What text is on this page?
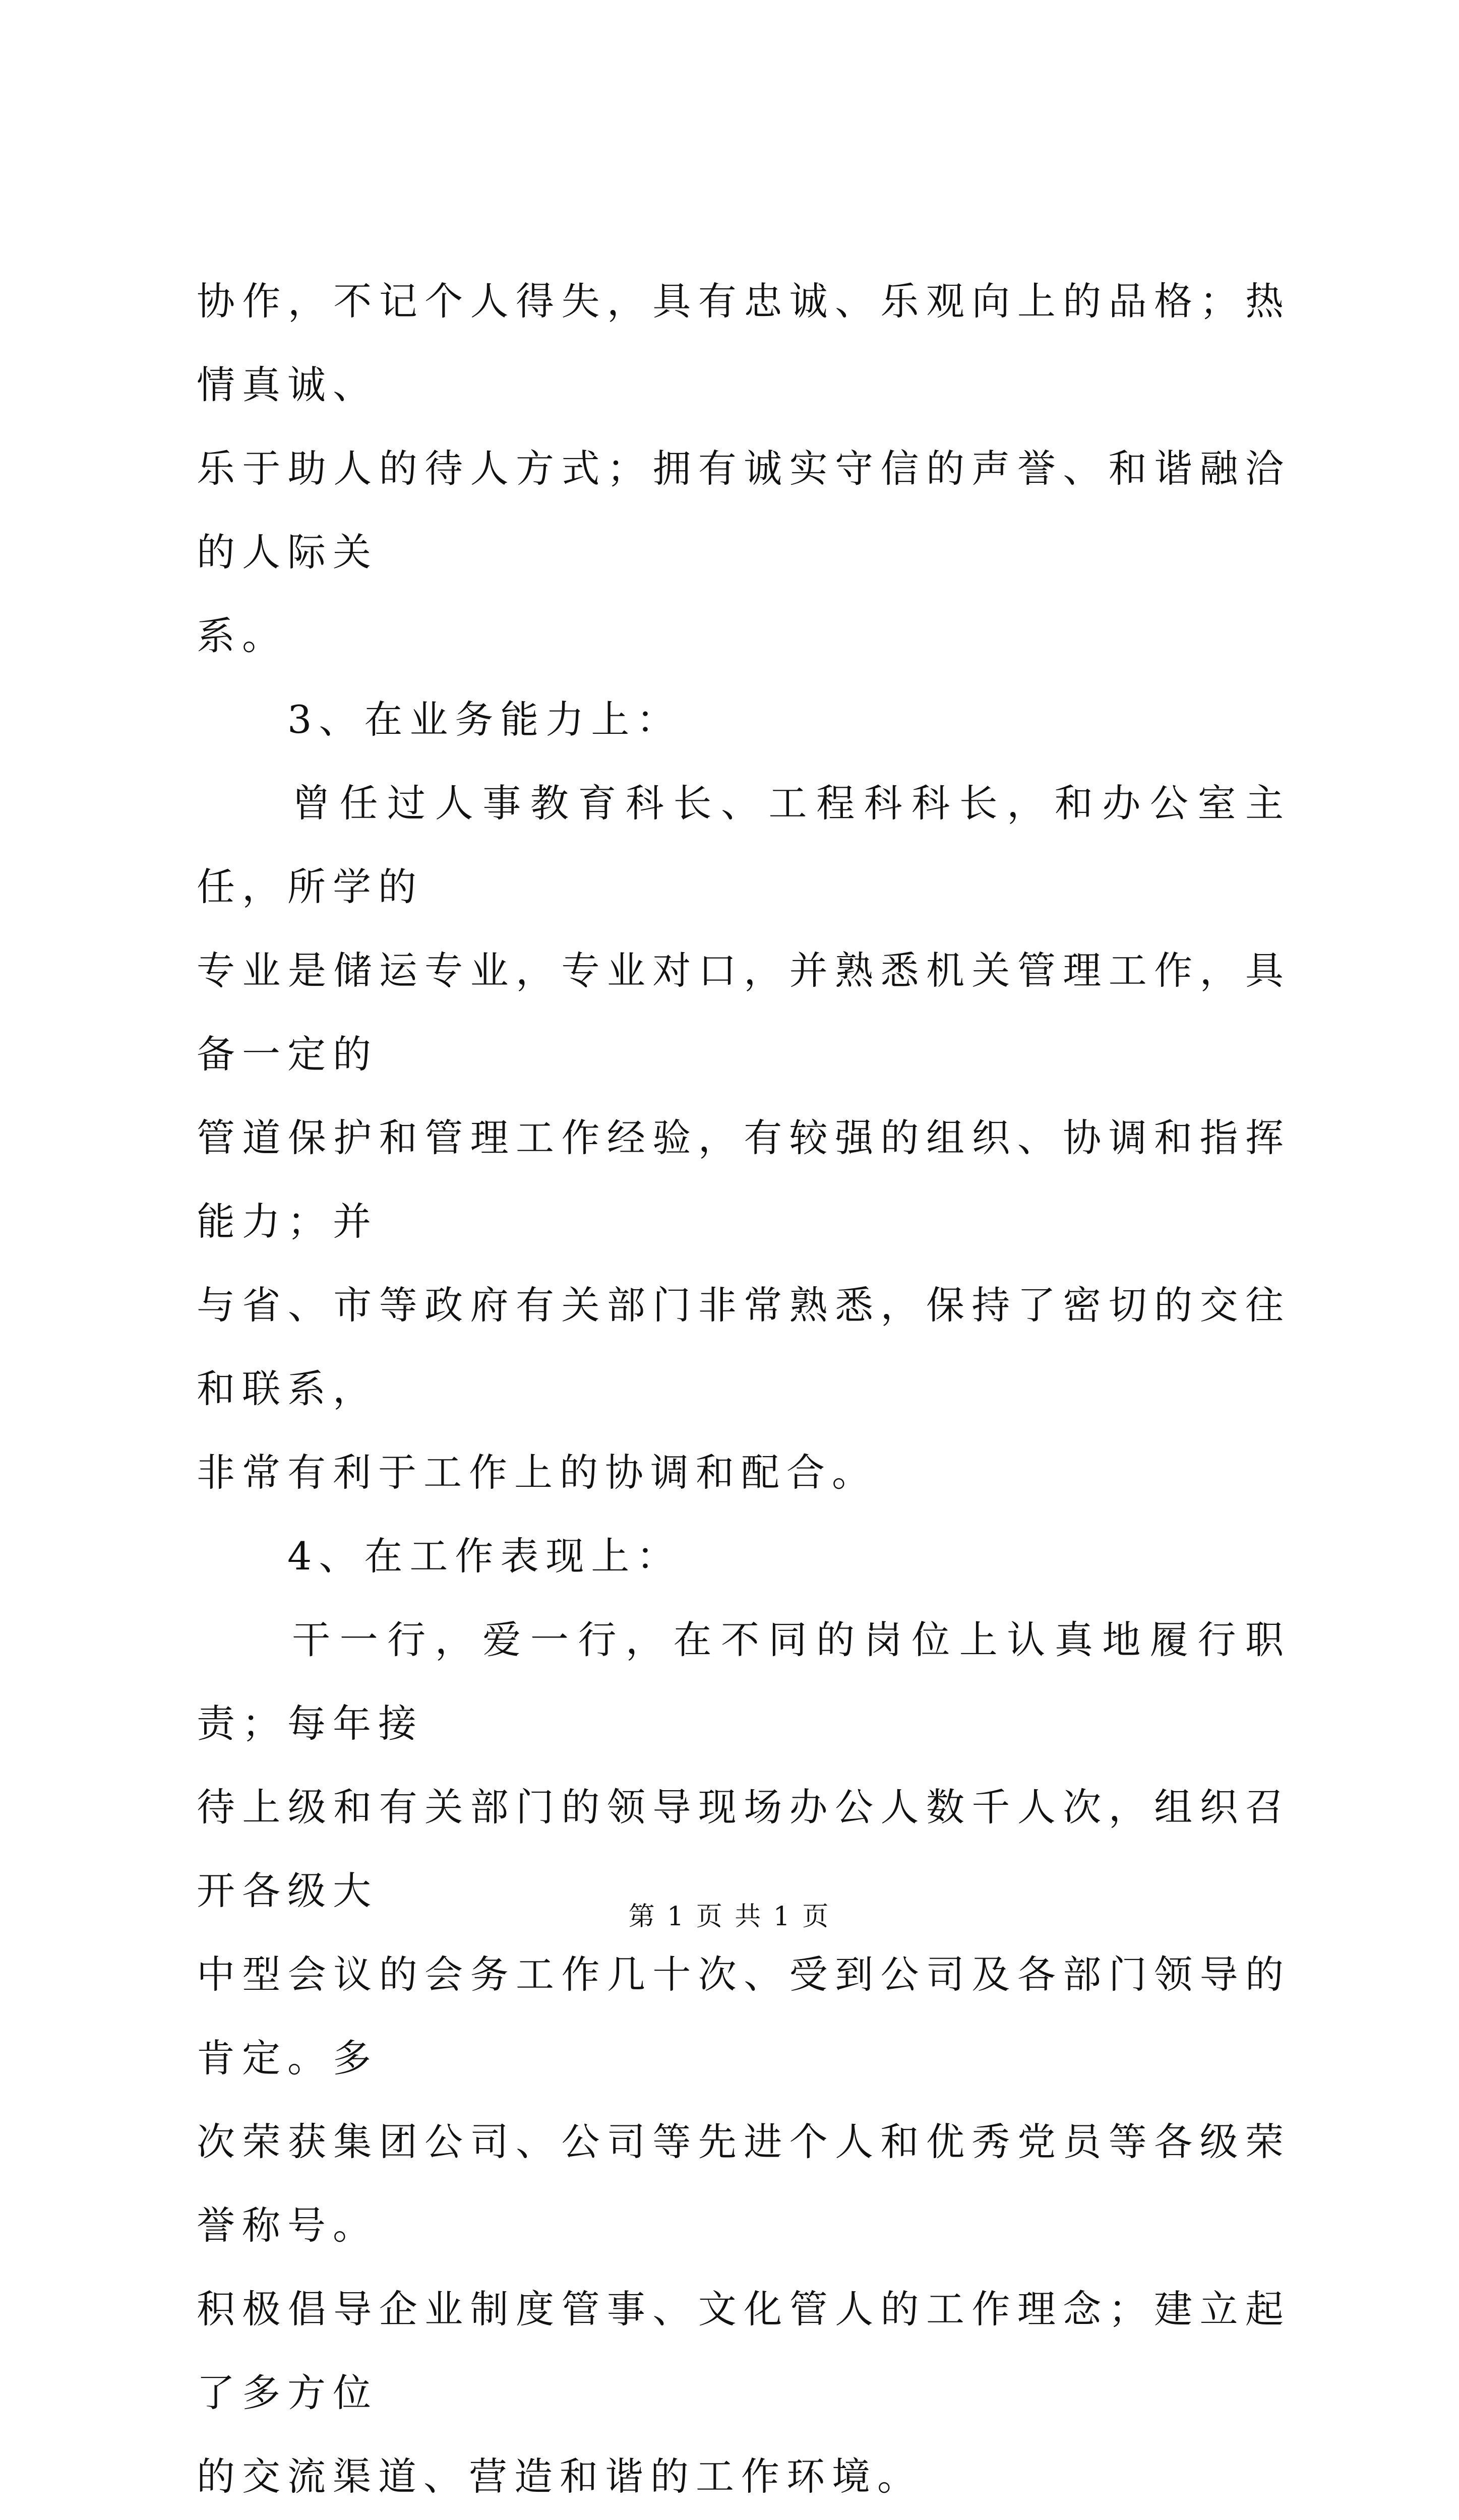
协作，不记个人得失，具有忠诚、乐观向上的品格；热情真诚、

乐于助人的待人方式；拥有诚实守信的声誉、和谐融洽的人际关

系。

　　3、在业务能力上：

　　曾任过人事教育科长、工程科科长，和办公室主任，所学的

专业是储运专业，专业对口，并熟悉机关管理工作，具备一定的

管道保护和管理工作经验，有较强的组织、协调和指挥能力；并

与省、市等政府有关部门非常熟悉，保持了密切的交往和联系，

非常有利于工作上的协调和配合。

　　4、在工作表现上：

　　干一行，爱一行，在不同的岗位上认真地履行职责；每年接

待上级和有关部门的领导现场办公人数千人次，组织召开各级大

中型会议的会务工作几十次、受到公司及各部门领导的肯定。多

次荣获集团公司、公司等先进个人和优秀党员等各级荣誉称号。

积极倡导企业制度管事、文化管人的工作理念；建立起了多方位

的交流渠道、营造和谐的工作环境。

第 1 页 共 1 页
